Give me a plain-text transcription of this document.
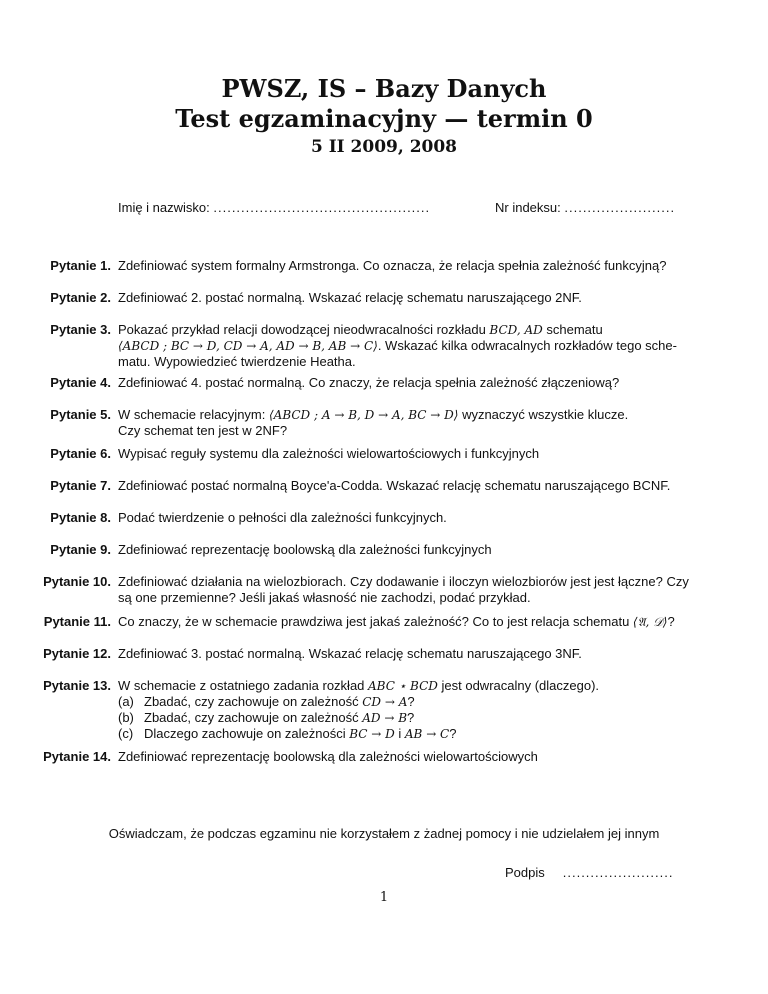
PWSZ, IS – Bazy Danych
Test egzaminacyjny — termin 0
5 II 2009, 2008
Imię i nazwisko: ...............................................	Nr indeksu: ........................
Pytanie 1. Zdefiniować system formalny Armstronga. Co oznacza, że relacja spełnia zależność funkcyjną?
Pytanie 2. Zdefiniować 2. postać normalną. Wskazać relację schematu naruszającego 2NF.
Pytanie 3. Pokazać przykład relacji dowodzącej nieodwracalności rozkładu BCD, AD schematu
⟨ABCD ; BC → D, CD → A, AD → B, AB → C⟩. Wskazać kilka odwracalnych rozkładów tego sche-
matu. Wypowiedzieć twierdzenie Heatha.
Pytanie 4. Zdefiniować 4. postać normalną. Co znaczy, że relacja spełnia zależność złączeniową?
Pytanie 5. W schemacie relacyjnym: ⟨ABCD ; A → B, D → A, BC → D⟩ wyznaczyć wszystkie klucze.
Czy schemat ten jest w 2NF?
Pytanie 6. Wypisać reguły systemu dla zależności wielowartościowych i funkcyjnych
Pytanie 7. Zdefiniować postać normalną Boyce'a-Codda. Wskazać relację schematu naruszającego BCNF.
Pytanie 8. Podać twierdzenie o pełności dla zależności funkcyjnych.
Pytanie 9. Zdefiniować reprezentację boolowską dla zależności funkcyjnych
Pytanie 10. Zdefiniować działania na wielozbiorach. Czy dodawanie i iloczyn wielozbiorów jest jest łączne? Czy
są one przemienne? Jeśli jakaś własność nie zachodzi, podać przykład.
Pytanie 11. Co znaczy, że w schemacie prawdziwa jest jakaś zależność? Co to jest relacja schematu ⟨𝔄, 𝒟⟩?
Pytanie 12. Zdefiniować 3. postać normalną. Wskazać relację schematu naruszającego 3NF.
Pytanie 13. W schemacie z ostatniego zadania rozkład ABC ⋆ BCD jest odwracalny (dlaczego).

(a) Zbadać, czy zachowuje on zależność CD → A?
(b) Zbadać, czy zachowuje on zależność AD → B?
(c) Dlaczego zachowuje on zależności BC → D i AB → C?
Pytanie 14. Zdefiniować reprezentację boolowską dla zależności wielowartościowych
Oświadczam, że podczas egzaminu nie korzystałem z żadnej pomocy i nie udzielałem jej innym
Podpis ........................
1
